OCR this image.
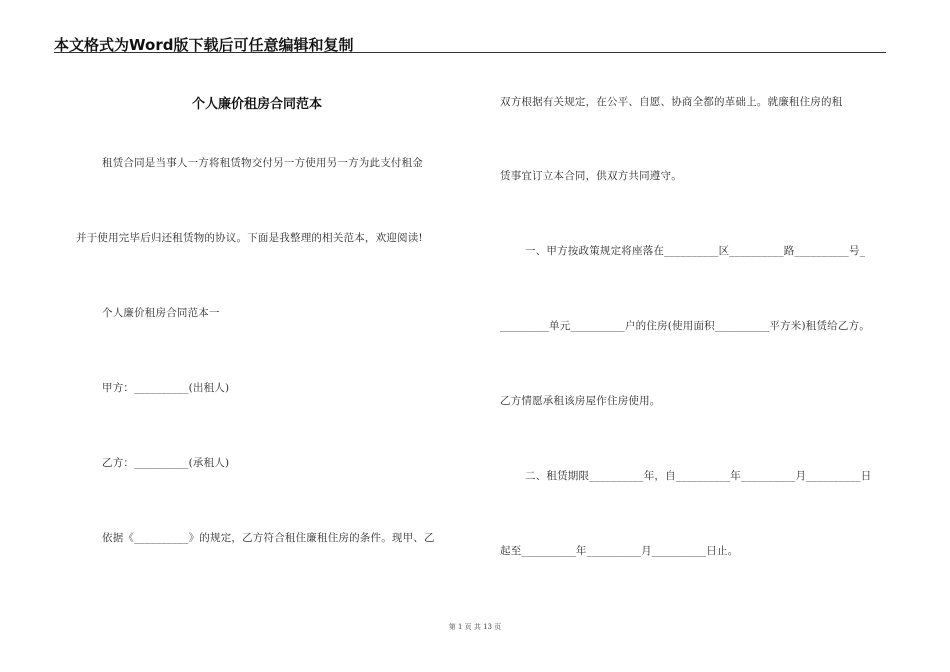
本文格式为Word版下载后可任意编辑和复制
个人廉价租房合同范本
租赁合同是当事人一方将租赁物交付另一方使用另一方为此支付租金
并于使用完毕后归还租赁物的协议。下面是我整理的相关范本，欢迎阅读!
个人廉价租房合同范本一
甲方：__________(出租人)
乙方：__________(承租人)
依据《__________》的规定，乙方符合租住廉租住房的条件。现甲、乙
双方根据有关规定，在公平、自愿、协商全都的革础上。就廉租住房的租
赁事宜订立本合同，供双方共同遵守。
一、甲方按政策规定将座落在__________区__________路__________号_
_________单元__________户的住房(使用面积__________平方米)租赁给乙方。
乙方情愿承租该房屋作住房使用。
二、租赁期限__________年，自__________年__________月__________日
起至__________年__________月__________日止。
第 1 页 共 13 页
